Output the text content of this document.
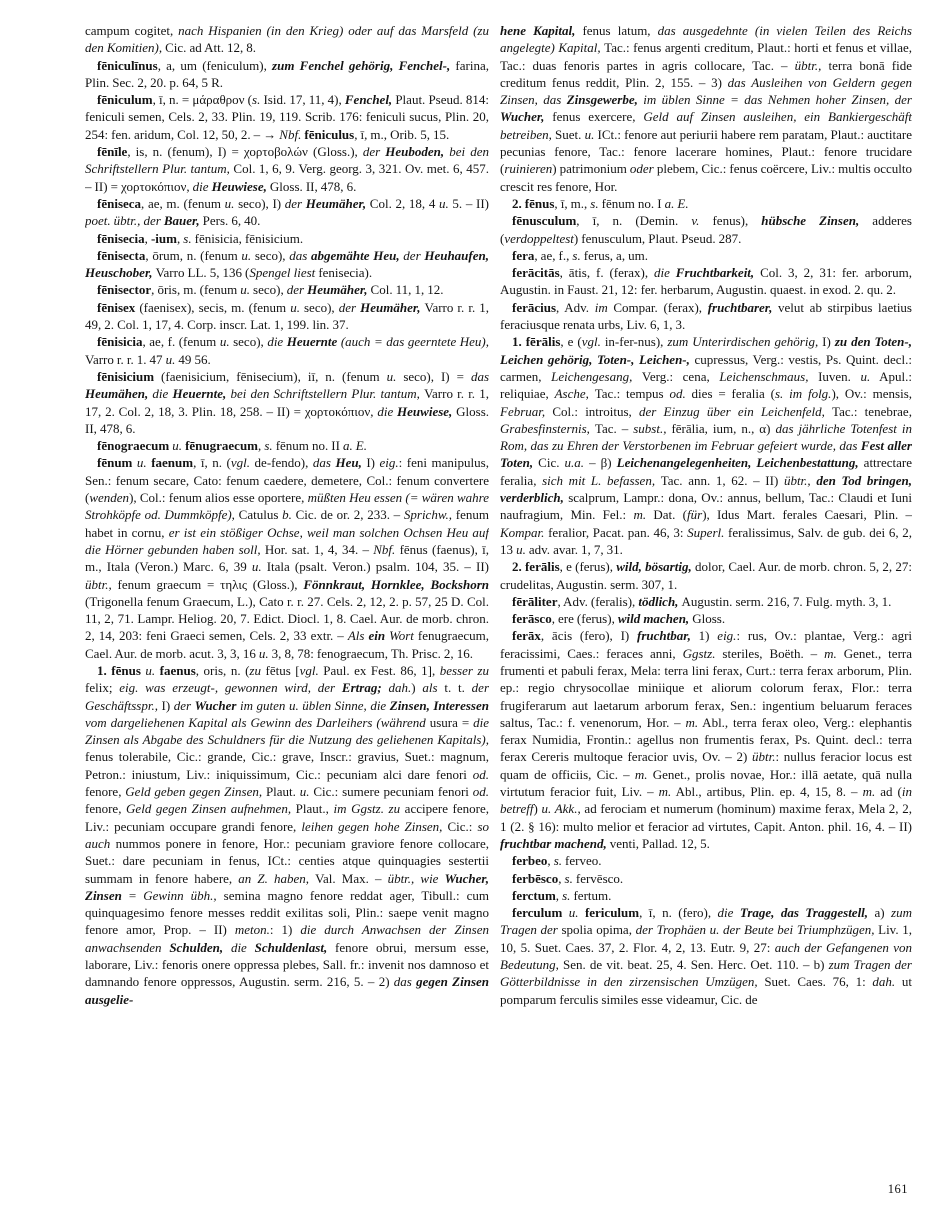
campum cogitet, nach Hispanien (in den Krieg) oder auf das Marsfeld (zu den Komitien), Cic. ad Att. 12, 8.

fēniculīnus, a, um (feniculum), zum Fenchel gehörig, Fenchel-, farina, Plin. Sec. 2, 20. p. 64, 5 R.

fēniculum, ī, n. = μάραθρον (s. Isid. 17, 11, 4), Fenchel, Plaut. Pseud. 814: feniculi semen, Cels. 2, 33. Plin. 19, 119. Scrib. 176: feniculi sucus, Plin. 20, 254: fen. aridum, Col. 12, 50, 2. – → Nbf. fēniculus, ī, m., Orib. 5, 15.

fēnīle, is, n. (fenum), I) = χορτοβολών (Gloss.), der Heuboden, bei den Schriftstellern Plur. tantum, Col. 1, 6, 9. Verg. georg. 3, 321. Ov. met. 6, 457. – II) = χορτοκόπιον, die Heuwiese, Gloss. II, 478, 6.

fēniseca, ae, m. (fenum u. seco), I) der Heumäher, Col. 2, 18, 4 u. 5. – II) poet. übtr., der Bauer, Pers. 6, 40.

fēnisecia, -ium, s. fēnisicia, fēnisicium.

fēnisecta, ōrum, n. (fenum u. seco), das abgemähte Heu, der Heuhaufen, Heuschober, Varro LL. 5, 136 (Spengel liest fenisecia).

fēnisector, ōris, m. (fenum u. seco), der Heumäher, Col. 11, 1, 12.

fēnisex (faenisex), secis, m. (fenum u. seco), der Heumäher, Varro r. r. 1, 49, 2. Col. 1, 17, 4. Corp. inscr. Lat. 1, 199. lin. 37.

fēnisicia, ae, f. (fenum u. seco), die Heuernte (auch = das geerntete Heu), Varro r. r. 1. 47 u. 49 56.

fēnisicium (faenisicium, fēnisecium), iī, n. (fenum u. seco), I) = das Heumähen, die Heuernte, bei den Schriftstellern Plur. tantum, Varro r. r. 1, 17, 2. Col. 2, 18, 3. Plin. 18, 258. – II) = χορτοκόπιον, die Heuwiese, Gloss. II, 478, 6.

fēnograecum u. fēnugraecum, s. fēnum no. II a. E.

fēnum u. faenum, ī, n. (vgl. de-fendo), das Heu, I) eig.: feni manipulus, Sen.: fenum secare, Cato: fenum caedere, demetere, Col.: fenum convertere (wenden), Col.: fenum alios esse oportere, müßten Heu essen (= wären wahre Strohköpfe od. Dummköpfe), Catulus b. Cic. de or. 2, 233. – Sprichw., fenum habet in cornu, er ist ein stößiger Ochse, weil man solchen Ochsen Heu auf die Hörner gebunden haben soll, Hor. sat. 1, 4, 34. – Nbf. fēnus (faenus), ī, m., Itala (Veron.) Marc. 6, 39 u. Itala (psalt. Veron.) psalm. 104, 35. – II) übtr., fenum graecum = τηλις (Gloss.), Fönnkraut, Hornklee, Bockshorn (Trigonella fenum Graecum, L.), Cato r. r. 27. Cels. 2, 12, 2. p. 57, 25 D. Col. 11, 2, 71. Lampr. Heliog. 20, 7. Edict. Diocl. 1, 8. Cael. Aur. de morb. chron. 2, 14, 203: feni Graeci semen, Cels. 2, 33 extr. – Als ein Wort fenugraecum, Cael. Aur. de morb. acut. 3, 3, 16 u. 3, 8, 78: fenograecum, Th. Prisc. 2, 16.

1. fēnus u. faenus, oris, n. (zu fētus [vgl. Paul. ex Fest. 86, 1], besser zu felix; eig. was erzeugt-, gewonnen wird, der Ertrag; dah.) als t. t. der Geschäftsspr., I) der Wucher im guten u. üblen Sinne, die Zinsen, Interessen vom dargeliehenen Kapital als Gewinn des Darleihers (während usura = die Zinsen als Abgabe des Schuldners für die Nutzung des geliehenen Kapitals), fenus tolerabile, Cic.: grande, Cic.: grave, Inscr.: gravius, Suet.: magnum, Petron.: iniustum, Liv.: iniquissimum, Cic.: pecuniam alci dare fenori od. fenore, Geld geben gegen Zinsen, Plaut. u. Cic.: sumere pecuniam fenori od. fenore, Geld gegen Zinsen aufnehmen, Plaut., im Ggstz. zu accipere fenore, Liv.: pecuniam occupare grandi fenore, leihen gegen hohe Zinsen, Cic.: so auch nummos ponere in fenore, Hor.: pecuniam graviore fenore collocare, Suet.: dare pecuniam in fenus, ICt.: centies atque quinquagies sestertii summam in fenore habere, an Z. haben, Val. Max. – übtr., wie Wucher, Zinsen = Gewinn übh., semina magno fenore reddat ager, Tibull.: cum quinquagesimo fenore messes reddit exilitas soli, Plin.: saepe venit magno fenore amor, Prop. – II) meton.: 1) die durch Anwachsen der Zinsen anwachsenden Schulden, die Schuldenlast, fenore obrui, mersum esse, laborare, Liv.: fenoris onere oppressa plebes, Sall. fr.: invenit nos damnoso et damnando fenore oppressos, Augustin. serm. 216, 5. – 2) das gegen Zinsen ausgelie-

hene Kapital, fenus latum, das ausgedehnte (in vielen Teilen des Reichs angelegte) Kapital, Tac.: fenus argenti creditum, Plaut.: horti et fenus et villae, Tac.: duas fenoris partes in agris collocare, Tac. – übtr., terra bonā fide creditum fenus reddit, Plin. 2, 155. – 3) das Ausleihen von Geldern gegen Zinsen, das Zinsgewerbe, im üblen Sinne = das Nehmen hoher Zinsen, der Wucher, fenus exercere, Geld auf Zinsen ausleihen, ein Bankiergeschäft betreiben, Suet. u. ICt.: fenore aut periurii habere rem paratam, Plaut.: auctitare pecunias fenore, Tac.: fenore lacerare homines, Plaut.: fenore trucidare (ruinieren) patrimonium oder plebem, Cic.: fenus coërcere, Liv.: multis occulto crescit res fenore, Hor.

2. fēnus, ī, m., s. fēnum no. I a. E.

fēnusculum, ī, n. (Demin. v. fenus), hübsche Zinsen, adderes (verdoppeltest) fenusculum, Plaut. Pseud. 287.

fera, ae, f., s. ferus, a, um.

ferācitās, ātis, f. (ferax), die Fruchtbarkeit, Col. 3, 2, 31: fer. arborum, Augustin. in Faust. 21, 12: fer. herbarum, Augustin. quaest. in exod. 2. qu. 2.

ferācius, Adv. im Compar. (ferax), fruchtbarer, velut ab stirpibus laetius feraciusque renata urbs, Liv. 6, 1, 3.

1. fērālis, e (vgl. in-fer-nus), zum Unterirdischen gehörig, I) zu den Toten-, Leichen gehörig, Toten-, Leichen-, cupressus, Verg.: vestis, Ps. Quint. decl.: carmen, Leichengesang, Verg.: cena, Leichenschmaus, Iuven. u. Apul.: reliquiae, Asche, Tac.: tempus od. dies = feralia (s. im folg.), Ov.: mensis, Februar, Col.: introitus, der Einzug über ein Leichenfeld, Tac.: tenebrae, Grabesfinsternis, Tac. – subst., fērālia, ium, n., α) das jährliche Totenfest in Rom, das zu Ehren der Verstorbenen im Februar gefeiert wurde, das Fest aller Toten, Cic. u.a. – β) Leichenangelegenheiten, Leichenbestattung, attrectare feralia, sich mit L. befassen, Tac. ann. 1, 62. – II) übtr., den Tod bringen, verderblich, scalprum, Lampr.: dona, Ov.: annus, bellum, Tac.: Claudi et Iuni naufragium, Min. Fel.: m. Dat. (für), Idus Mart. ferales Caesari, Plin. – Kompar. feralior, Pacat. pan. 46, 3: Superl. feralissimus, Salv. de gub. dei 6, 2, 13 u. adv. avar. 1, 7, 31.

2. ferālis, e (ferus), wild, bösartig, dolor, Cael. Aur. de morb. chron. 5, 2, 27: crudelitas, Augustin. serm. 307, 1.

fērāliter, Adv. (feralis), tödlich, Augustin. serm. 216, 7. Fulg. myth. 3, 1.

ferāsco, ere (ferus), wild machen, Gloss.

ferāx, ācis (fero), I) fruchtbar, 1) eig.: rus, Ov.: plantae, Verg.: agri feracissimi, Caes.: feraces anni, Ggstz. steriles, Boëth. – m. Genet., terra frumenti et pabuli ferax, Mela: terra lini ferax, Curt.: terra ferax arborum, Plin. ep.: regio chrysocollae miniique et aliorum colorum ferax, Flor.: terra frugiferarum aut laetarum arborum ferax, Sen.: ingentium beluarum feraces saltus, Tac.: f. venenorum, Hor. – m. Abl., terra ferax oleo, Verg.: elephantis ferax Numidia, Frontin.: agellus non frumentis ferax, Ps. Quint. decl.: terra ferax Cereris multoque feracior uvis, Ov. – 2) übtr.: nullus feracior locus est quam de officiis, Cic. – m. Genet., prolis novae, Hor.: illā aetate, quā nulla virtutum feracior fuit, Liv. – m. Abl., artibus, Plin. ep. 4, 15, 8. – m. ad (in betreff) u. Akk., ad ferociam et numerum (hominum) maxime ferax, Mela 2, 2, 1 (2. § 16): multo melior et feracior ad virtutes, Capit. Anton. phil. 16, 4. – II) fruchtbar machend, venti, Pallad. 12, 5.

ferbeo, s. ferveo.

ferbēsco, s. fervēsco.

ferctum, s. fertum.

ferculum u. fericulum, ī, n. (fero), die Trage, das Traggestell, a) zum Tragen der spolia opima, der Trophäen u. der Beute bei Triumphzügen, Liv. 1, 10, 5. Suet. Caes. 37, 2. Flor. 4, 2, 13. Eutr. 9, 27: auch der Gefangenen von Bedeutung, Sen. de vit. beat. 25, 4. Sen. Herc. Oet. 110. – b) zum Tragen der Götterbildnisse in den zirzensischen Umzügen, Suet. Caes. 76, 1: dah. ut pomparum ferculis similes esse videamur, Cic. de

161
